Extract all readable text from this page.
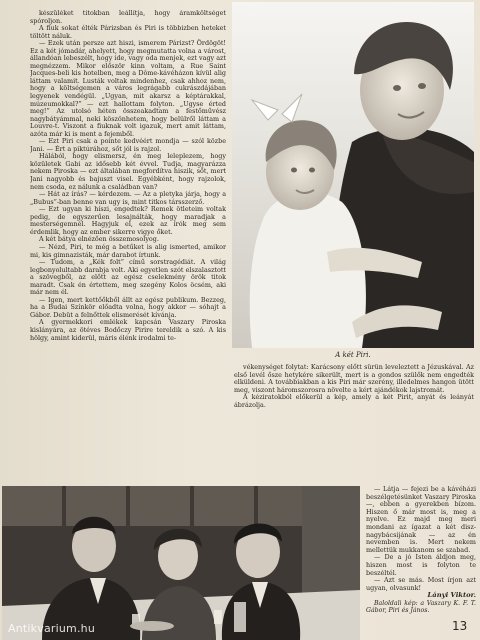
készüléket titokban leállítja, hogy áramköltséget spóroljon.

A fiuk sokat élték Párizsban és Piri is többizben heteket töltött náluk.

— Ezek után persze azt hiszi, ismerem Párizst? Ördögöt! Ez a két jómadár, ahelyett, hogy megmutatta volna a várost, állandóan lebeszélt, hogy ide, vagy oda menjek, ezt vagy azt megnézzem. Mikor először kinn voltam, a Rue Saint Jacques-beli kis hotelben, meg a Dôme-kávéházon kívül alig láttam valamit. Lusták voltak mindenhez, csak ahhoz nem, hogy a költségemen a város legrágabb cukrászdájában legyenek vendégül. „Ugyan, mit akarsz a képtárakkal, múzeumokkal?” — ezt hallottam folyton. „Ugyse érted meg!” Az utolsó héten összeakadtam a festőművész nagybátyámmal, neki köszönhetem, hogy belülről láttam a Louvre-t. Viszont a fiuknak volt igazuk, mert amit láttam, azóta már ki is ment a fejemből.

— Ezt Piri csak a pointe kedvéért mondja — szól közbe Jani. — Ért a piktúrához, sőt jól is rajzol.

Hálából, hogy elismersz, én meg leleplezem, hogy közületek Gabi az idősebb két évvel. Tudja, magyarázza nekem Piroska — ezt általában megfordítva hiszik, sőt, mert Jani nagyobb és bajuszt visel. Egyébként, hogy rajzolok, nem csoda, ez nálunk a családban van?

— Hát az írás? — kérdezem. — Az a pletyka járja, hogy a „Bubus”-ban benne van ugy is, mint titkos társszerző.

— Ezt ugyan ki híszi, engedtek? Remek ötleteim voltak pedig, de egyszerűen lesajnálták, hogy maradjak a mesterségemnél. Hagyjuk el, ezek az írók meg sem érdemlik, hogy az ember sikerre vigye őket.

A két bátya elnézően összemosolyog.

— Nézd, Piri, te még a betűket is alig ismerted, amikor mi, kis gimnazisták, már darabot írtunk.

— Tudom, a „Kék folt” című sorstragédiát. A világ legbonyolultabb darabja volt. Aki egyetlen szót elszalasztott a szövegből, az előtt az egész cselekmény örök titok maradt. Csak én értettem, meg szegény Kolos öcsém, aki már nem él.

— Igen, mert kettőőkből állt az egész publikum. Bezzeg, ha a Budai Színkör előadta volna, hogy akkor — sóhajt a Gábor. Debüt a felnőttek elismerését kívánja.

A gyermekkori emlékek kapcsán Vaszary Piroska kislányára, az ötéves Bodőczy Pirire tereldik a szó. A kis hölgy, amint kiderül, máris élénk irodalmi te-

A két Piri.

vékenységet folytat: Karácsony előtt sürün leveleztett a Jézuskával. Az első levél ősze hetykére sikerült, mert is a gondos szülők nem engedték elküldeni. A továbbiakban a kis Piri már szerény, illedelmes hangon ütött meg, viszont háromszorosra növelte a kért ajándékok lajstromát.

A kéziratokból előkerül a kép, amely a két Pirit, anyát és leányát ábrázolja.

— Látja — fejezi be a kávéházi beszélgetésünket Vaszary Piroska —, ebben a gyerekben bízom. Hiszen ő már most is, meg a nyelve. Ez majd meg meri mondani az ígazat a két disz-nagybácsijának — az én nevemben is. Mert nekem mellettük mukkanom se szabad.

— De a jó Isten áldjon meg, hiszen most is folyton te beszéltél.

— Azt se más. Most írjon azt ugyan, olvasunk!

Lányi Viktor.

Baloldali kép: a Vaszary K. F. T. Gábor, Piri és János.

13
Antikvarium.hu
